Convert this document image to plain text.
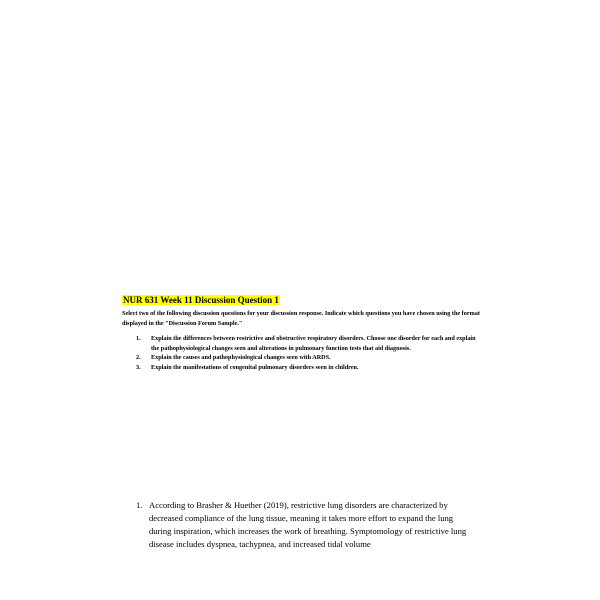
NUR 631 Week 11 Discussion Question 1
Select two of the following discussion questions for your discussion response. Indicate which questions you have chosen using the format displayed in the "Discussion Forum Sample."
1. Explain the differences between restrictive and obstructive respiratory disorders. Choose one disorder for each and explain the pathophysiological changes seen and alterations in pulmonary function tests that aid diagnosis.
2. Explain the causes and pathophysiological changes seen with ARDS.
3. Explain the manifestations of congenital pulmonary disorders seen in children.
1. According to Brasher & Huether (2019), restrictive lung disorders are characterized by decreased compliance of the lung tissue, meaning it takes more effort to expand the lung during inspiration, which increases the work of breathing. Symptomology of restrictive lung disease includes dyspnea, tachypnea, and increased tidal volume
